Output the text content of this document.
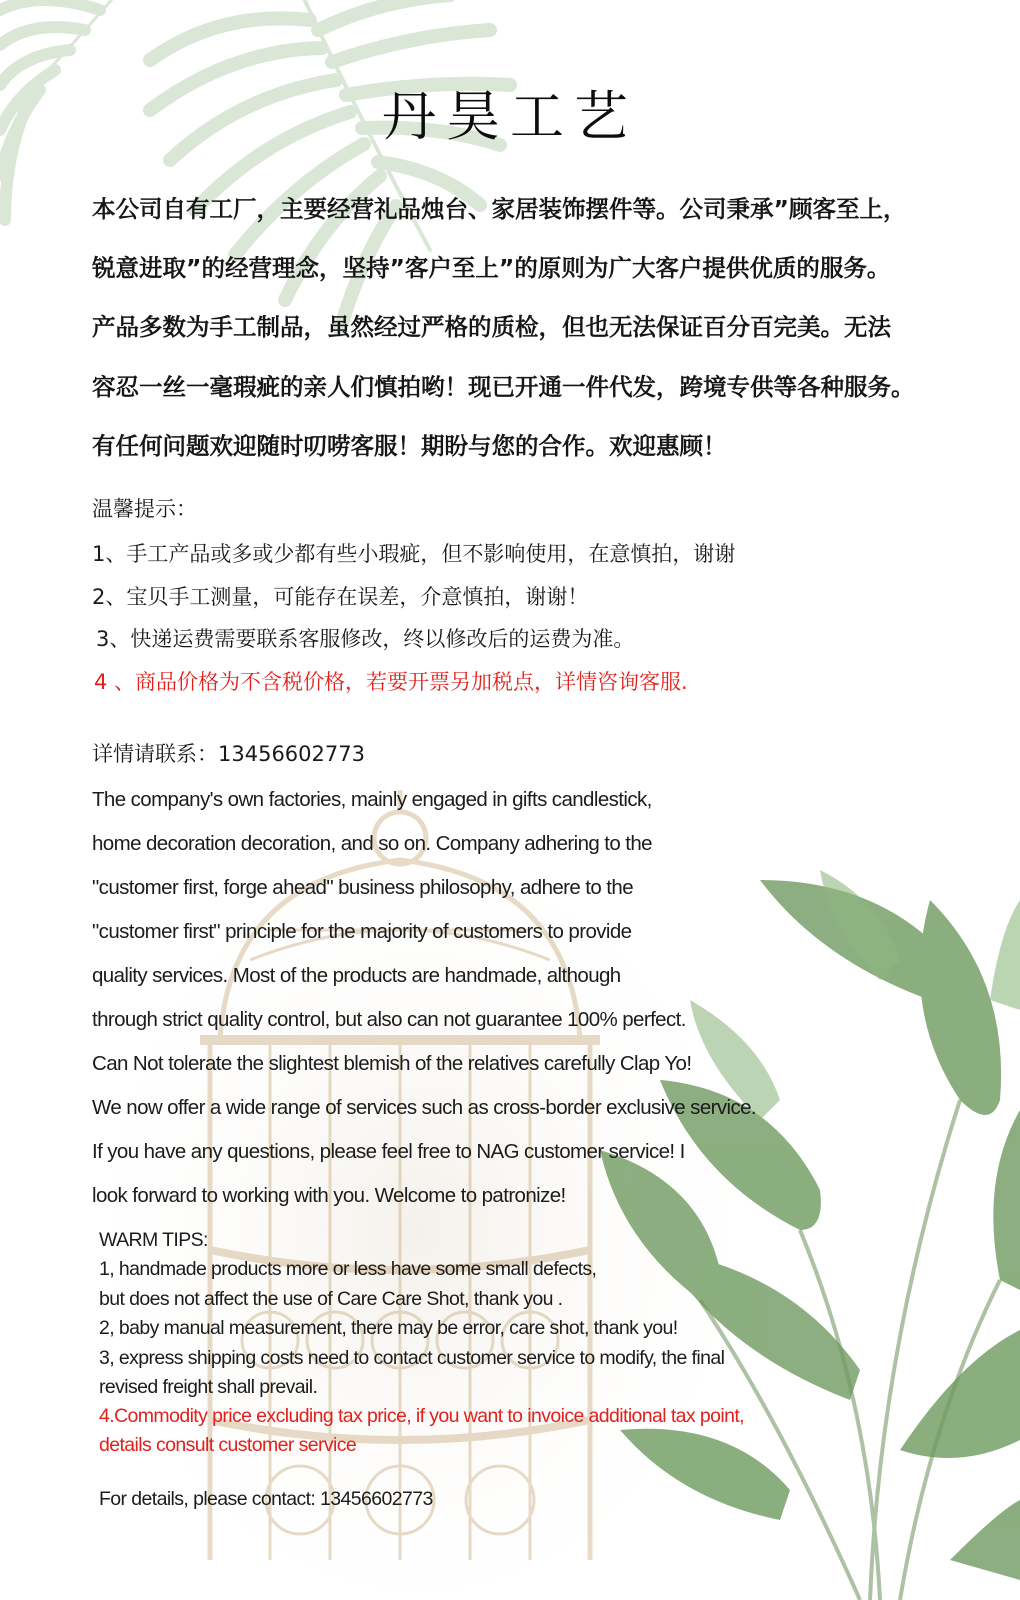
丹昊工艺
本公司自有工厂，主要经营礼品烛台、家居装饰摆件等。公司秉承”顾客至上，
锐意进取”的经营理念，坚持”客户至上”的原则为广大客户提供优质的服务。
产品多数为手工制品，虽然经过严格的质检，但也无法保证百分百完美。无法
容忍一丝一毫瑕疵的亲人们慎拍哟！现已开通一件代发，跨境专供等各种服务。
有任何问题欢迎随时叨唠客服！期盼与您的合作。欢迎惠顾！
温馨提示：
1、手工产品或多或少都有些小瑕疵，但不影响使用，在意慎拍，谢谢
2、宝贝手工测量，可能存在误差，介意慎拍，谢谢！
3、快递运费需要联系客服修改，终以修改后的运费为准。
4 、商品价格为不含税价格，若要开票另加税点，详情咨询客服.
详情请联系：13456602773
The company's own factories, mainly engaged in gifts candlestick,
home decoration decoration, and so on. Company adhering to the
"customer first, forge ahead" business philosophy, adhere to the
"customer first" principle for the majority of customers to provide
quality services. Most of the products are handmade, although
through strict quality control, but also can not guarantee 100% perfect.
Can Not tolerate the slightest blemish of the relatives carefully Clap Yo!
We now offer a wide range of services such as cross-border exclusive service.
If you have any questions, please feel free to NAG customer service! I
look forward to working with you. Welcome to patronize!
WARM TIPS:
1, handmade products more or less have some small defects,
but does not affect the use of Care Care Shot, thank you .
2, baby manual measurement, there may be error, care shot, thank you!
3, express shipping costs need to contact customer service to modify, the final
revised freight shall prevail.
4.Commodity price excluding tax price, if you want to invoice additional tax point,
details consult customer service
For details, please contact: 13456602773
